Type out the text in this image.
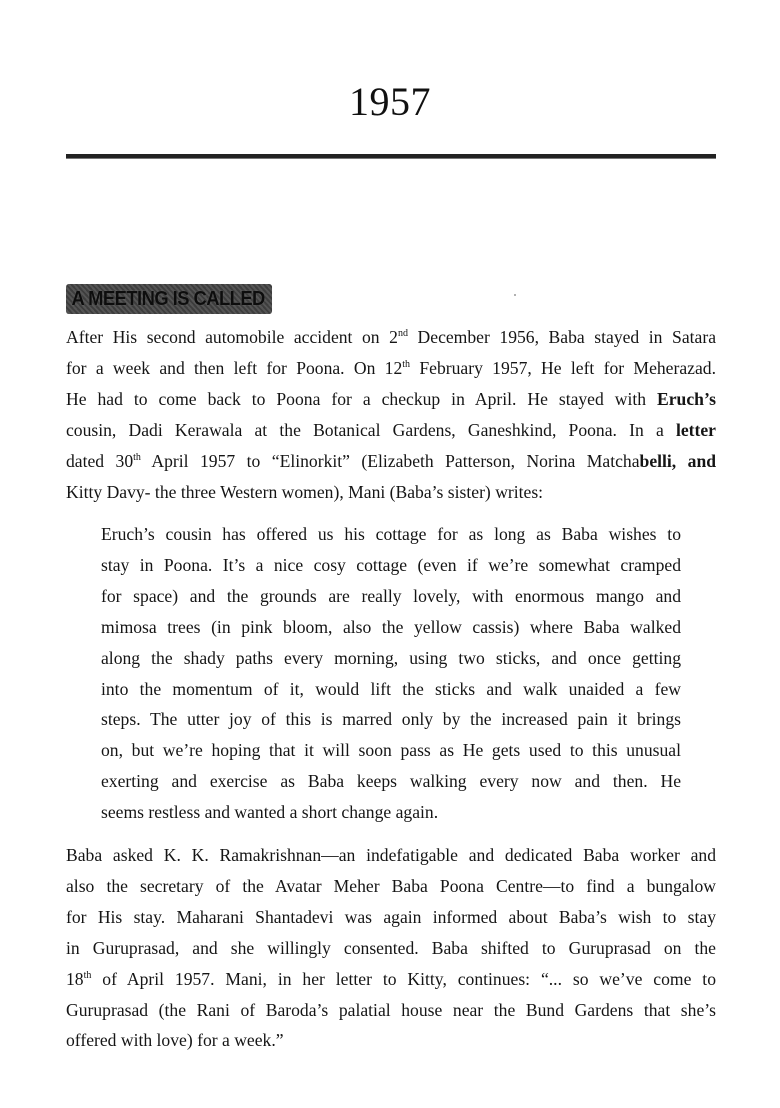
1957
A MEETING IS CALLED
After His second automobile accident on 2nd December 1956, Baba stayed in Satara
for a week and then left for Poona. On 12th February 1957, He left for Meherazad.
He had to come back to Poona for a checkup in April. He stayed with Eruch’s
cousin, Dadi Kerawala at the Botanical Gardens, Ganeshkind, Poona. In a letter
dated 30th April 1957 to “Elinorkit” (Elizabeth Patterson, Norina Matchabelli, and
Kitty Davy- the three Western women), Mani (Baba’s sister) writes:
Eruch’s cousin has offered us his cottage for as long as Baba wishes to
stay in Poona. It’s a nice cosy cottage (even if we’re somewhat cramped
for space) and the grounds are really lovely, with enormous mango and
mimosa trees (in pink bloom, also the yellow cassis) where Baba walked
along the shady paths every morning, using two sticks, and once getting
into the momentum of it, would lift the sticks and walk unaided a few
steps. The utter joy of this is marred only by the increased pain it brings
on, but we’re hoping that it will soon pass as He gets used to this unusual
exerting and exercise as Baba keeps walking every now and then. He
seems restless and wanted a short change again.
Baba asked K. K. Ramakrishnan—an indefatigable and dedicated Baba worker and
also the secretary of the Avatar Meher Baba Poona Centre—to find a bungalow
for His stay. Maharani Shantadevi was again informed about Baba’s wish to stay
in Guruprasad, and she willingly consented. Baba shifted to Guruprasad on the
18th of April 1957. Mani, in her letter to Kitty, continues: “... so we’ve come to
Guruprasad (the Rani of Baroda’s palatial house near the Bund Gardens that she’s
offered with love) for a week.”
